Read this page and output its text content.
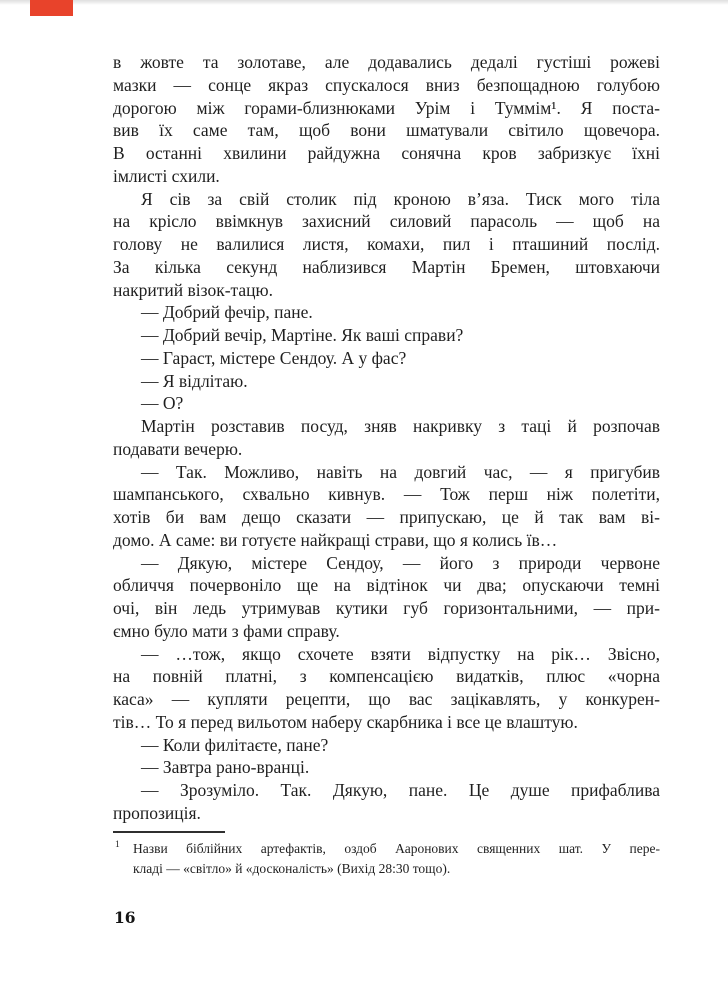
в жовте та золотаве, але додавались дедалі густіші рожеві
мазки — сонце якраз спускалося вниз безпощадною голубою
дорогою між горами-близнюками Урім і Туммім¹. Я поста-
вив їх саме там, щоб вони шматували світило щовечора.
В останні хвилини райдужна сонячна кров забризкує їхні
імлисті схили.
Я сів за свій столик під кроною в’яза. Тиск мого тіла
на крісло ввімкнув захисний силовий парасоль — щоб на
голову не валилися листя, комахи, пил і пташиний послід.
За кілька секунд наблизився Мартін Бремен, штовхаючи
накритий візок-тацю.
— Добрий фечір, пане.
— Добрий вечір, Мартіне. Як ваші справи?
— Гараст, містере Сендоу. А у фас?
— Я відлітаю.
— О?
Мартін розставив посуд, зняв накривку з таці й розпочав
подавати вечерю.
— Так. Можливо, навіть на довгий час, — я пригубив
шампанського, схвально кивнув. — Тож перш ніж полетіти,
хотів би вам дещо сказати — припускаю, це й так вам ві-
домо. А саме: ви готуєте найкращі страви, що я колись їв…
— Дякую, містере Сендоу, — його з природи червоне
обличчя почервоніло ще на відтінок чи два; опускаючи темні
очі, він ледь утримував кутики губ горизонтальними, — при-
ємно було мати з фами справу.
— …тож, якщо схочете взяти відпустку на рік… Звісно,
на повній платні, з компенсацією видатків, плюс «чорна
каса» — купляти рецепти, що вас зацікавлять, у конкурен-
тів… То я перед вильотом наберу скарбника і все це влаштую.
— Коли филітаєте, пане?
— Завтра рано-вранці.
— Зрозуміло. Так. Дякую, пане. Це душе прифаблива
пропозиція.
1 Назви біблійних артефактів, оздоб Ааронових священних шат. У пере-
кладі — «світло» й «досконалість» (Вихід 28:30 тощо).
16
